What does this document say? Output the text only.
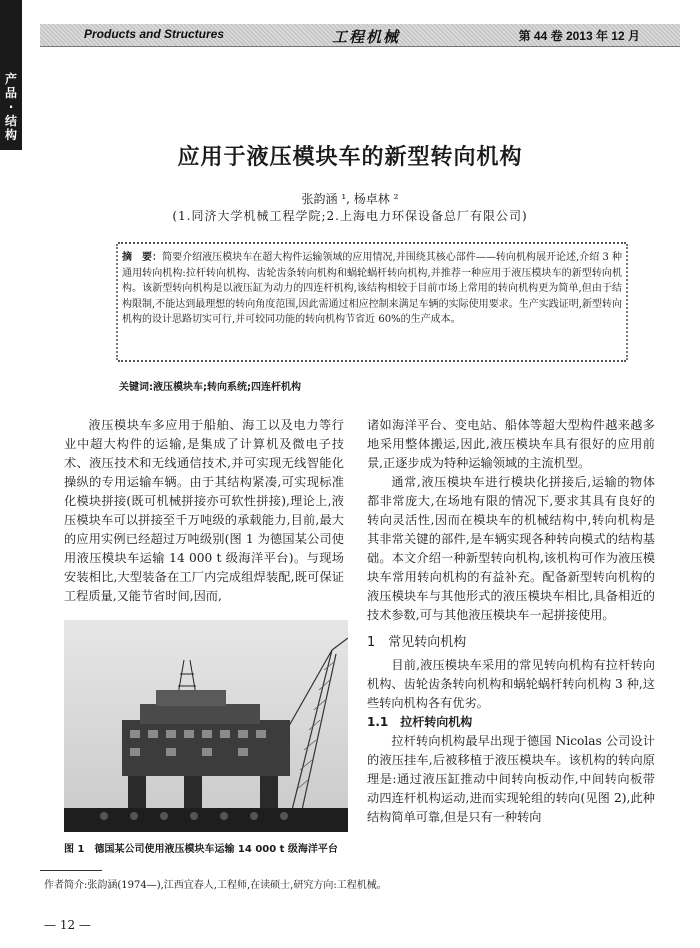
Products and Structures	工程机械	第 44 卷 2013 年 12 月
产品·结构
应用于液压模块车的新型转向机构
张韵涵 ¹, 杨卓林 ²
(1.同济大学机械工程学院;2.上海电力环保设备总厂有限公司)
摘　要：简要介绍液压模块车在超大构件运输领域的应用情况,并围绕其核心部件——转向机构展开论述,介绍 3 种通用转向机构:拉杆转向机构、齿轮齿条转向机构和蜗轮蜗杆转向机构,并推荐一种应用于液压模块车的新型转向机构。该新型转向机构是以液压缸为动力的四连杆机构,该结构相较于目前市场上常用的转向机构更为简单,但由于结构限制,不能达到最理想的转向角度范围,因此需通过相应控制来满足车辆的实际使用要求。生产实践证明,新型转向机构的设计思路切实可行,并可较同功能的转向机构节省近 60%的生产成本。
关键词:液压模块车;转向系统;四连杆机构

液压模块车多应用于船舶、海工以及电力等行业中超大构件的运输,是集成了计算机及微电子技术、液压技术和无线通信技术,并可实现无线智能化操纵的专用运输车辆。由于其结构紧凑,可实现标准化模块拼接(既可机械拼接亦可软性拼接),理论上,液压模块车可以拼接至千万吨级的承载能力,目前,最大的应用实例已经超过万吨级别(图 1 为德国某公司使用液压模块车运输 14 000 t 级海洋平台)。与现场安装相比,大型装备在工厂内完成组焊装配,既可保证工程质量,又能节省时间,因而,

图 1　德国某公司使用液压模块车运输 14 000 t 级海洋平台

诸如海洋平台、变电站、船体等超大型构件越来越多地采用整体搬运,因此,液压模块车具有很好的应用前景,正逐步成为特种运输领域的主流机型。

通常,液压模块车进行模块化拼接后,运输的物体都非常庞大,在场地有限的情况下,要求其具有良好的转向灵活性,因而在模块车的机械结构中,转向机构是其非常关键的部件,是车辆实现各种转向模式的结构基础。本文介绍一种新型转向机构,该机构可作为液压模块车常用转向机构的有益补充。配备新型转向机构的液压模块车与其他形式的液压模块车相比,具备相近的技术参数,可与其他液压模块车一起拼接使用。

1　常见转向机构

目前,液压模块车采用的常见转向机构有拉杆转向机构、齿轮齿条转向机构和蜗轮蜗杆转向机构 3 种,这些转向机构各有优劣。

1.1　拉杆转向机构

拉杆转向机构最早出现于德国 Nicolas 公司设计的液压挂车,后被移植于液压模块车。该机构的转向原理是:通过液压缸推动中间转向板动作,中间转向板带动四连杆机构运动,进而实现轮组的转向(见图 2),此种结构简单可靠,但是只有一种转向

作者简介:张韵涵(1974—),江西宜春人,工程师,在读硕士,研究方向:工程机械。
— 12 —
